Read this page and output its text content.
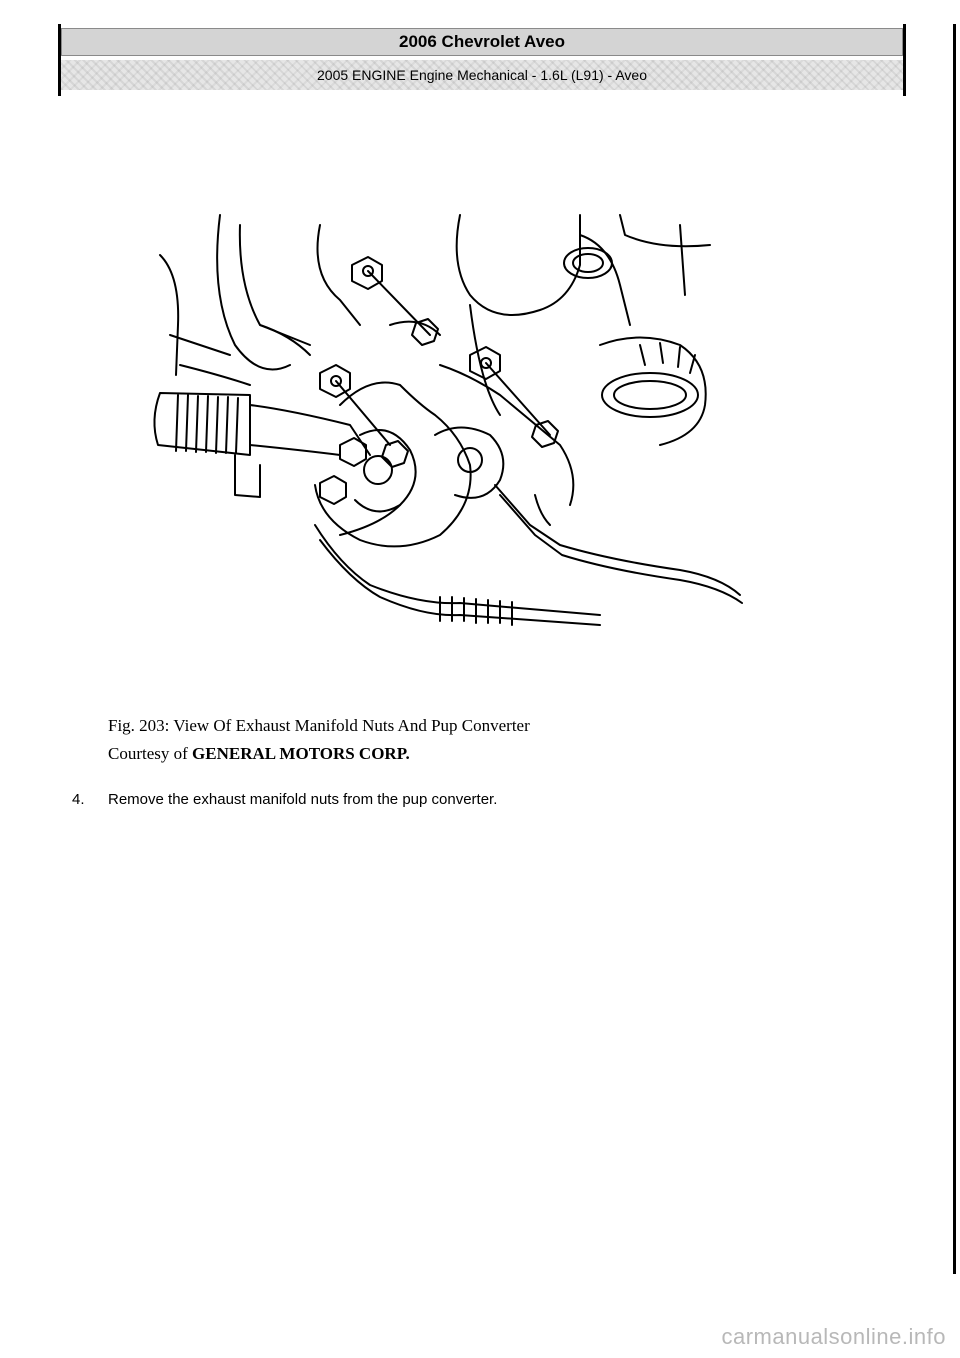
2006 Chevrolet Aveo
2005 ENGINE Engine Mechanical - 1.6L (L91) - Aveo
Fig. 203: View Of Exhaust Manifold Nuts And Pup Converter
Courtesy of GENERAL MOTORS CORP.
4. Remove the exhaust manifold nuts from the pup converter.
carmanualsonline.info
